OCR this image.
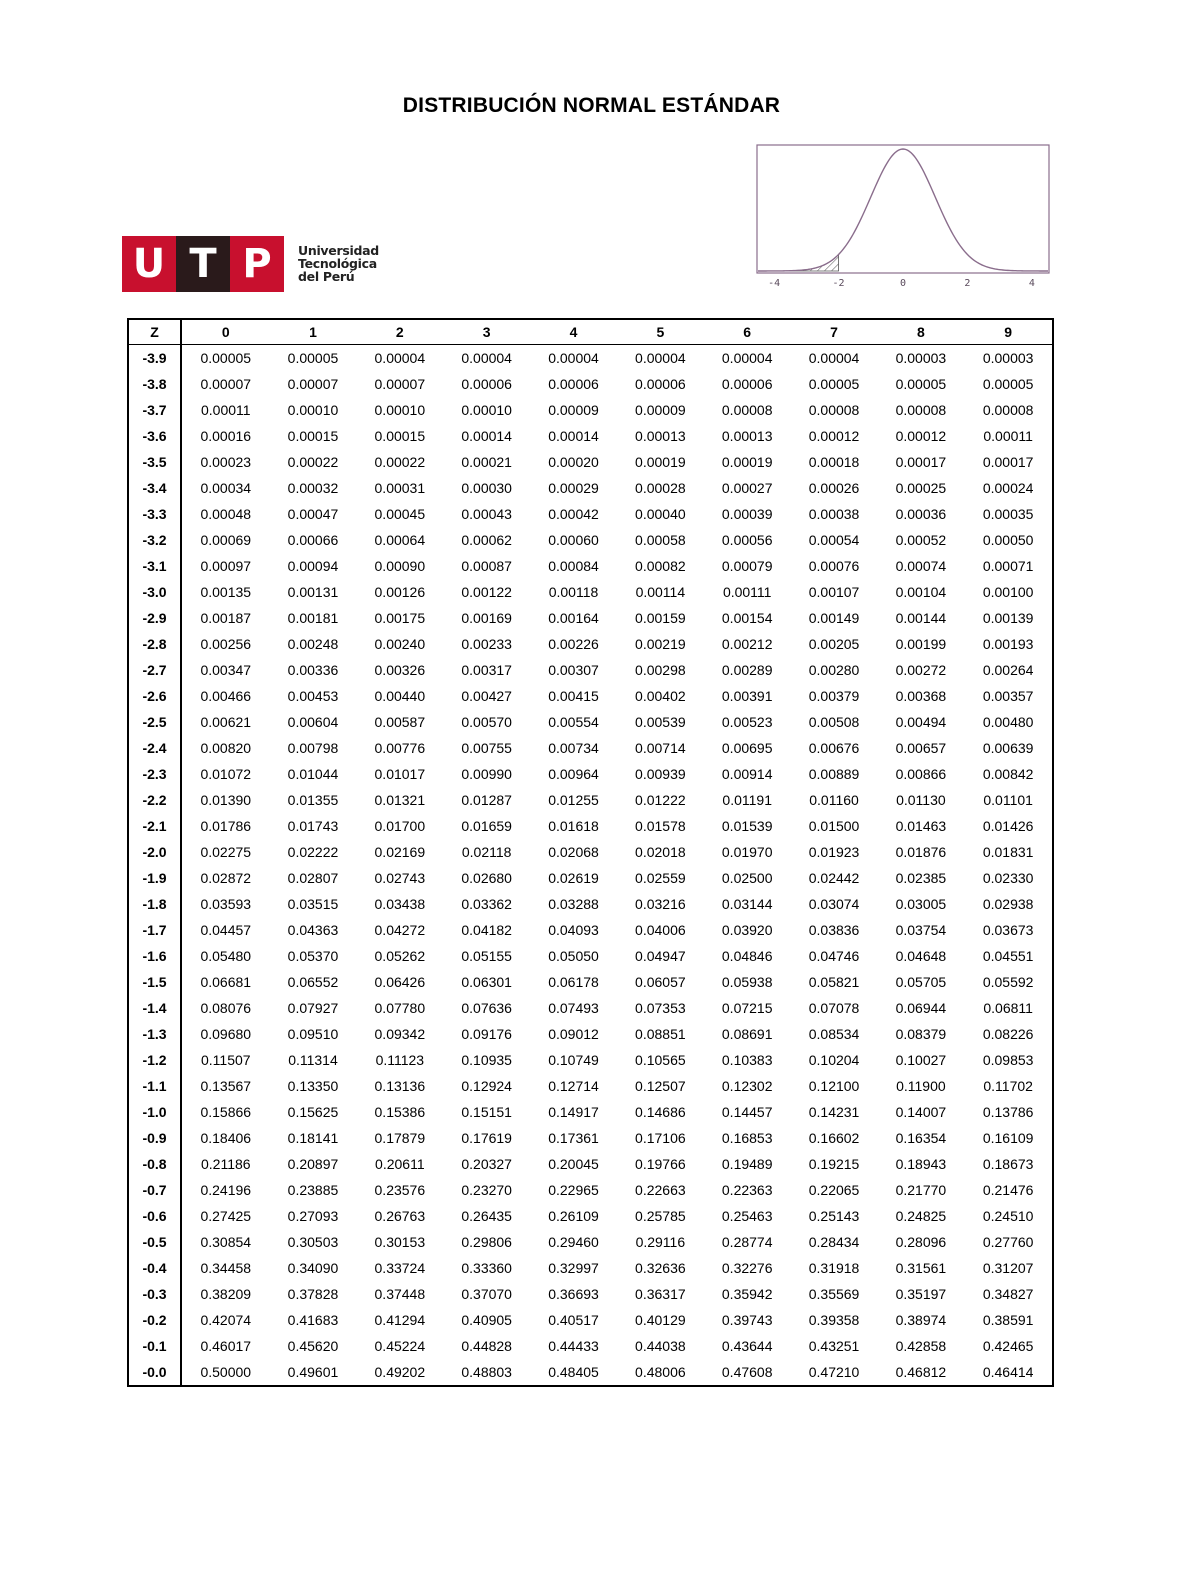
DISTRIBUCIÓN NORMAL ESTÁNDAR
U T P	Universidad
Tecnológica
del Perú	-4	-2	0	2	4
Z	0	1	2	3	4	5	6	7	8	9
-3.9	0.00005	0.00005	0.00004	0.00004	0.00004	0.00004	0.00004	0.00004	0.00003	0.00003
-3.8	0.00007	0.00007	0.00007	0.00006	0.00006	0.00006	0.00006	0.00005	0.00005	0.00005
-3.7	0.00011	0.00010	0.00010	0.00010	0.00009	0.00009	0.00008	0.00008	0.00008	0.00008
-3.6	0.00016	0.00015	0.00015	0.00014	0.00014	0.00013	0.00013	0.00012	0.00012	0.00011
-3.5	0.00023	0.00022	0.00022	0.00021	0.00020	0.00019	0.00019	0.00018	0.00017	0.00017
-3.4	0.00034	0.00032	0.00031	0.00030	0.00029	0.00028	0.00027	0.00026	0.00025	0.00024
-3.3	0.00048	0.00047	0.00045	0.00043	0.00042	0.00040	0.00039	0.00038	0.00036	0.00035
-3.2	0.00069	0.00066	0.00064	0.00062	0.00060	0.00058	0.00056	0.00054	0.00052	0.00050
-3.1	0.00097	0.00094	0.00090	0.00087	0.00084	0.00082	0.00079	0.00076	0.00074	0.00071
-3.0	0.00135	0.00131	0.00126	0.00122	0.00118	0.00114	0.00111	0.00107	0.00104	0.00100
-2.9	0.00187	0.00181	0.00175	0.00169	0.00164	0.00159	0.00154	0.00149	0.00144	0.00139
-2.8	0.00256	0.00248	0.00240	0.00233	0.00226	0.00219	0.00212	0.00205	0.00199	0.00193
-2.7	0.00347	0.00336	0.00326	0.00317	0.00307	0.00298	0.00289	0.00280	0.00272	0.00264
-2.6	0.00466	0.00453	0.00440	0.00427	0.00415	0.00402	0.00391	0.00379	0.00368	0.00357
-2.5	0.00621	0.00604	0.00587	0.00570	0.00554	0.00539	0.00523	0.00508	0.00494	0.00480
-2.4	0.00820	0.00798	0.00776	0.00755	0.00734	0.00714	0.00695	0.00676	0.00657	0.00639
-2.3	0.01072	0.01044	0.01017	0.00990	0.00964	0.00939	0.00914	0.00889	0.00866	0.00842
-2.2	0.01390	0.01355	0.01321	0.01287	0.01255	0.01222	0.01191	0.01160	0.01130	0.01101
-2.1	0.01786	0.01743	0.01700	0.01659	0.01618	0.01578	0.01539	0.01500	0.01463	0.01426
-2.0	0.02275	0.02222	0.02169	0.02118	0.02068	0.02018	0.01970	0.01923	0.01876	0.01831
-1.9	0.02872	0.02807	0.02743	0.02680	0.02619	0.02559	0.02500	0.02442	0.02385	0.02330
-1.8	0.03593	0.03515	0.03438	0.03362	0.03288	0.03216	0.03144	0.03074	0.03005	0.02938
-1.7	0.04457	0.04363	0.04272	0.04182	0.04093	0.04006	0.03920	0.03836	0.03754	0.03673
-1.6	0.05480	0.05370	0.05262	0.05155	0.05050	0.04947	0.04846	0.04746	0.04648	0.04551
-1.5	0.06681	0.06552	0.06426	0.06301	0.06178	0.06057	0.05938	0.05821	0.05705	0.05592
-1.4	0.08076	0.07927	0.07780	0.07636	0.07493	0.07353	0.07215	0.07078	0.06944	0.06811
-1.3	0.09680	0.09510	0.09342	0.09176	0.09012	0.08851	0.08691	0.08534	0.08379	0.08226
-1.2	0.11507	0.11314	0.11123	0.10935	0.10749	0.10565	0.10383	0.10204	0.10027	0.09853
-1.1	0.13567	0.13350	0.13136	0.12924	0.12714	0.12507	0.12302	0.12100	0.11900	0.11702
-1.0	0.15866	0.15625	0.15386	0.15151	0.14917	0.14686	0.14457	0.14231	0.14007	0.13786
-0.9	0.18406	0.18141	0.17879	0.17619	0.17361	0.17106	0.16853	0.16602	0.16354	0.16109
-0.8	0.21186	0.20897	0.20611	0.20327	0.20045	0.19766	0.19489	0.19215	0.18943	0.18673
-0.7	0.24196	0.23885	0.23576	0.23270	0.22965	0.22663	0.22363	0.22065	0.21770	0.21476
-0.6	0.27425	0.27093	0.26763	0.26435	0.26109	0.25785	0.25463	0.25143	0.24825	0.24510
-0.5	0.30854	0.30503	0.30153	0.29806	0.29460	0.29116	0.28774	0.28434	0.28096	0.27760
-0.4	0.34458	0.34090	0.33724	0.33360	0.32997	0.32636	0.32276	0.31918	0.31561	0.31207
-0.3	0.38209	0.37828	0.37448	0.37070	0.36693	0.36317	0.35942	0.35569	0.35197	0.34827
-0.2	0.42074	0.41683	0.41294	0.40905	0.40517	0.40129	0.39743	0.39358	0.38974	0.38591
-0.1	0.46017	0.45620	0.45224	0.44828	0.44433	0.44038	0.43644	0.43251	0.42858	0.42465
-0.0	0.50000	0.49601	0.49202	0.48803	0.48405	0.48006	0.47608	0.47210	0.46812	0.46414
